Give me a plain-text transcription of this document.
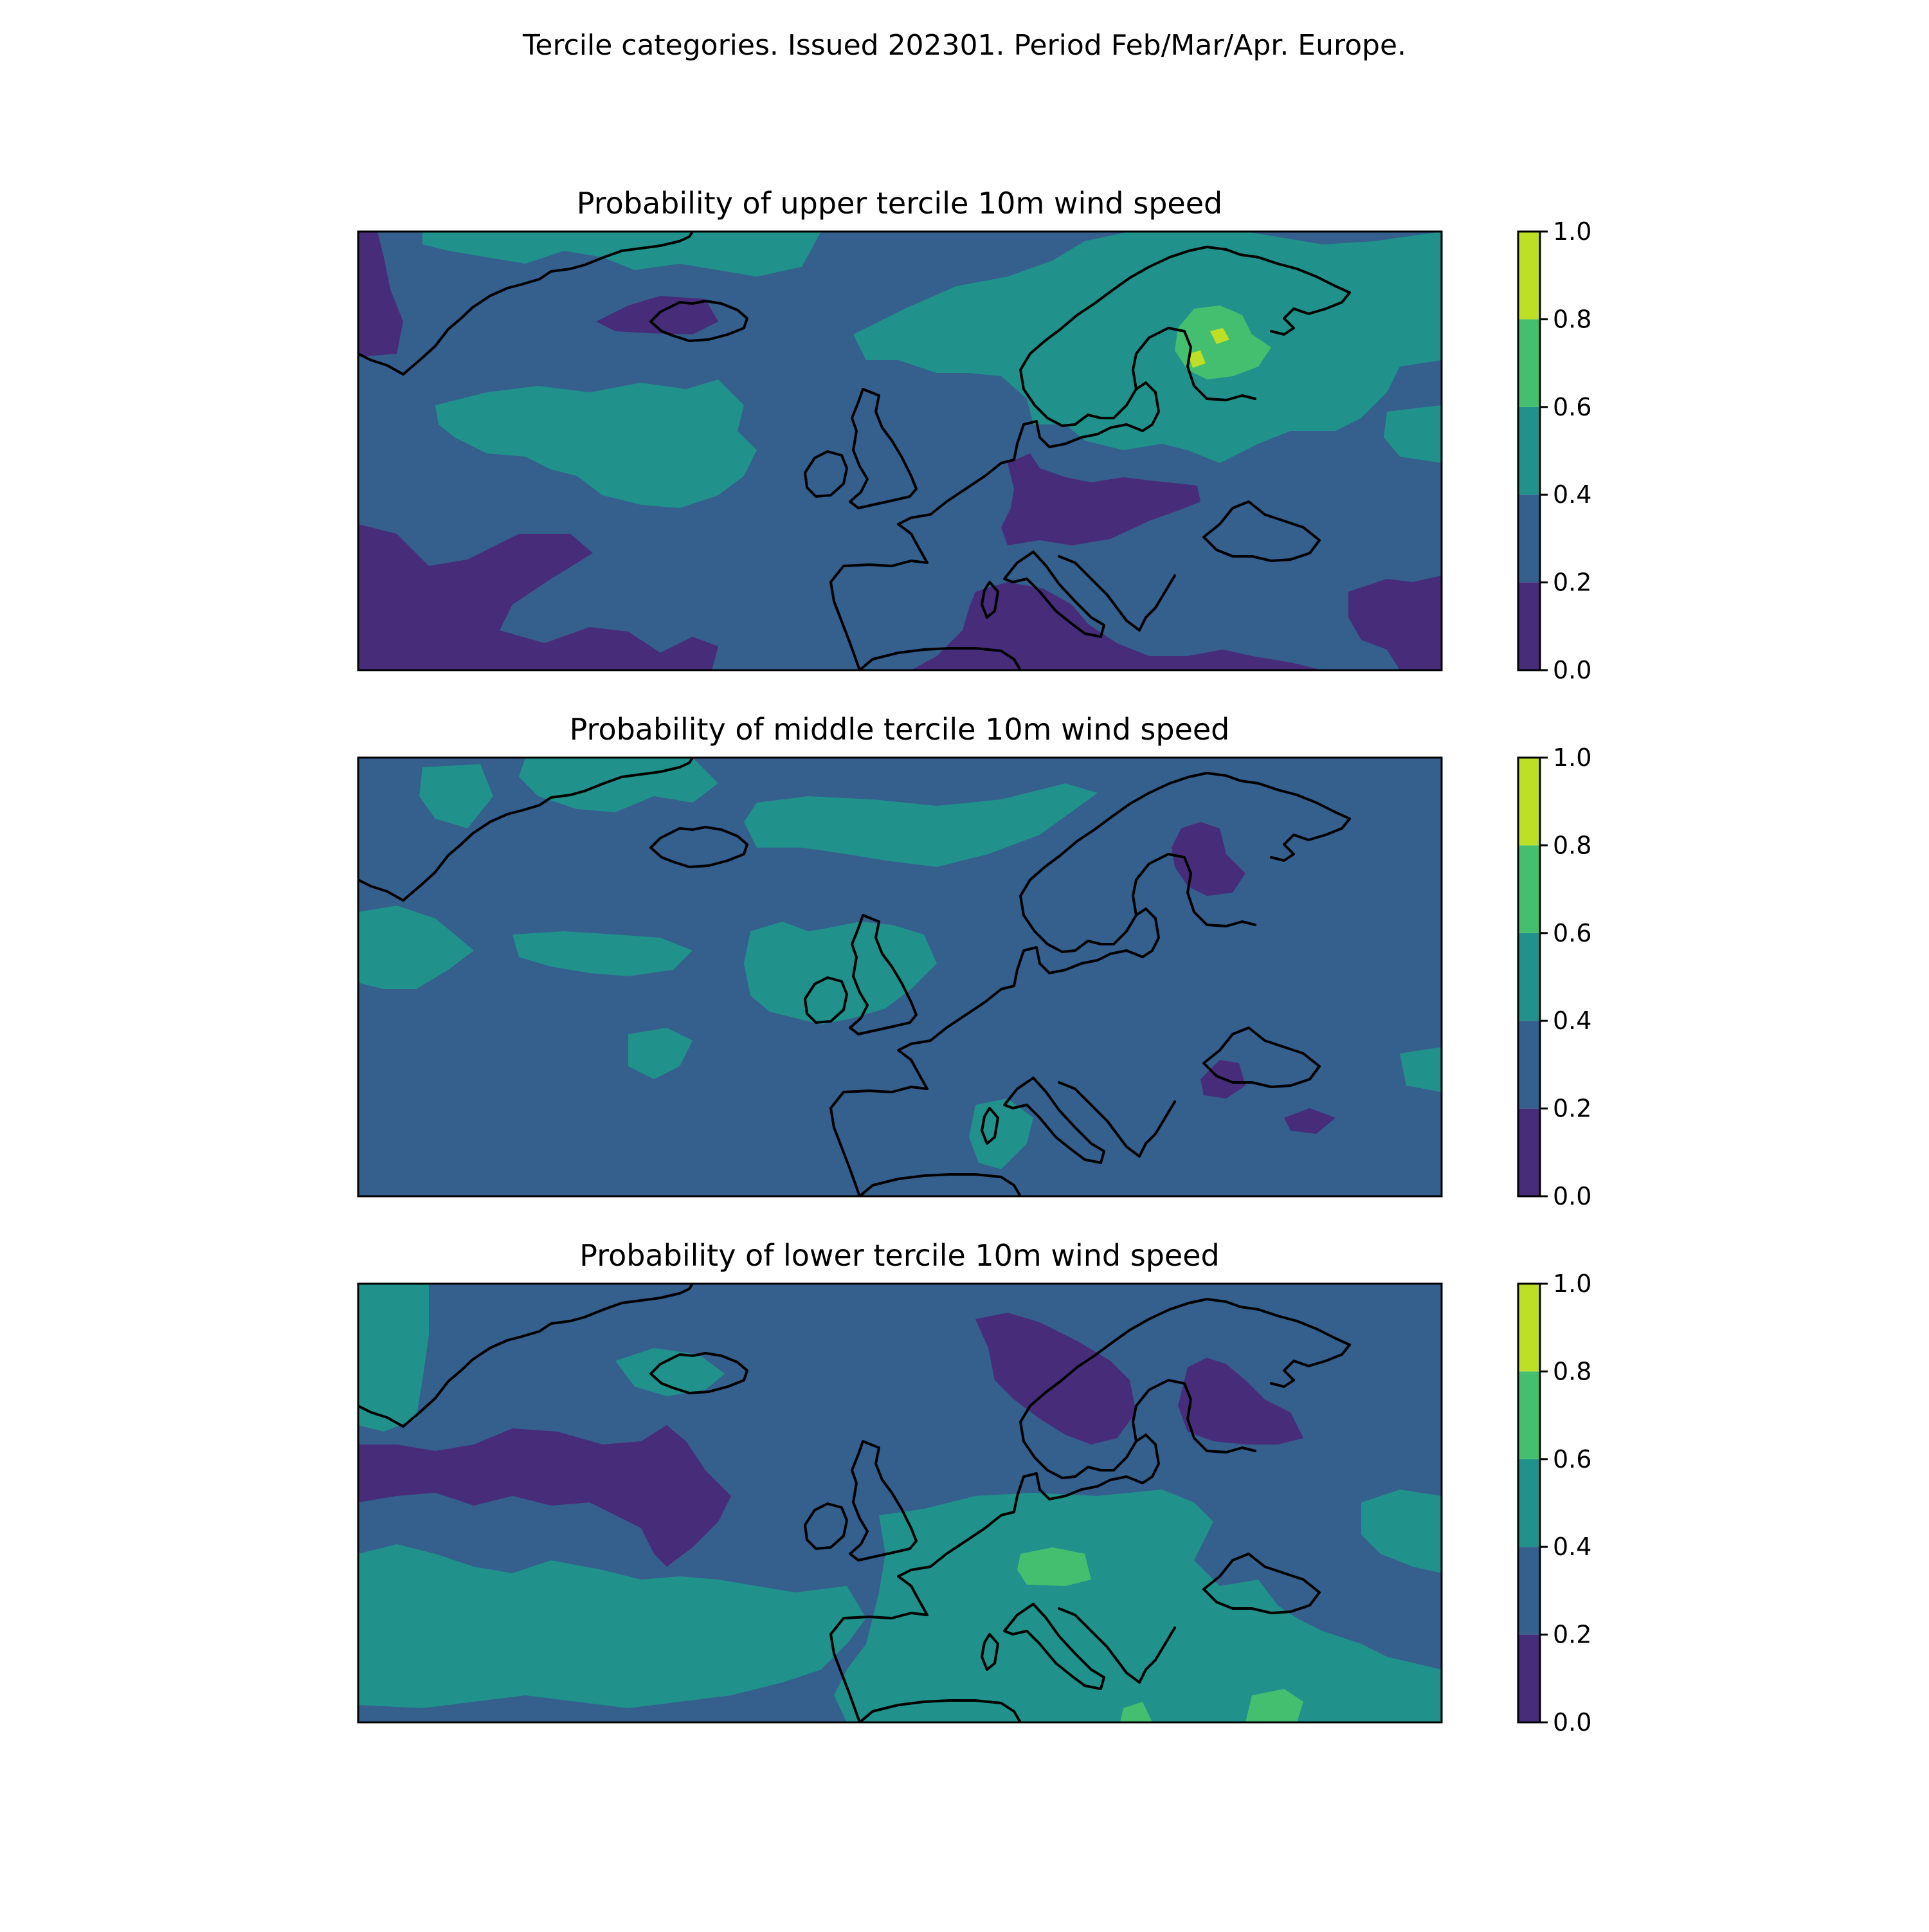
Tercile categories. Issued 202301. Period Feb/Mar/Apr. Europe.
Probability of upper tercile 10m wind speed
0.0
0.2
0.4
0.6
0.8
1.0
Probability of middle tercile 10m wind speed
0.0
0.2
0.4
0.6
0.8
1.0
Probability of lower tercile 10m wind speed
0.0
0.2
0.4
0.6
0.8
1.0
